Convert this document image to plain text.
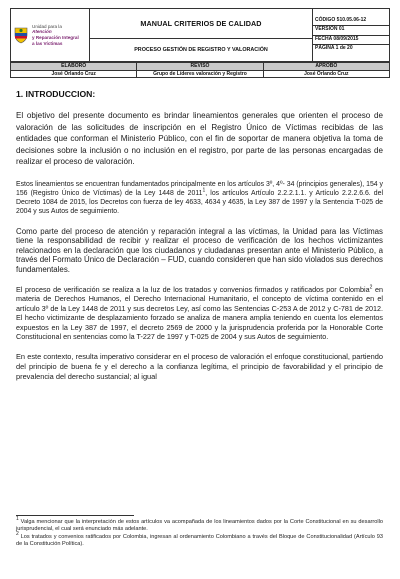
Unidad para la
Atención
y Reparación Integral
a las Víctimas
	MANUAL CRITERIOS DE CALIDAD	CÓDIGO 510.05.06-12
VERSIÓN 01
FECHA 08/09/2015
PÁGINA 1 de 20

PROCESO GESTIÓN DE REGISTRO Y VALORACIÓN
ELABORÓ	REVISÓ	APROBÓ
José Orlando Cruz	Grupo de Líderes valoración y Registro	José Orlando Cruz
1. INTRODUCCION:

El objetivo del presente documento es brindar lineamientos generales que orienten el proceso de valoración de las solicitudes de inscripción en el Registro Único de Víctimas recibidas de las entidades que conforman el Ministerio Público, con el fin de soportar de manera objetiva la toma de decisiones sobre la inclusión o no inclusión en el registro, por parte de las personas encargadas de realizar el proceso de valoración.

Estos lineamientos se encuentran fundamentados principalmente en los artículos 3º, 4º- 34 (principios generales), 154 y 156 (Registro Único de Víctimas) de la Ley 1448 de 2011$^1$, los artículos Artículo 2.2.2.1.1. y Artículo 2.2.2.6.6. del Decreto 1084 de 2015, los Decretos con fuerza de ley 4633, 4634 y 4635, la Ley 387 de 1997 y la Sentencia T-025 de 2004 y sus Autos de seguimiento.

Como parte del proceso de atención y reparación integral a las víctimas, la Unidad para las Víctimas tiene la responsabilidad de recibir y realizar el proceso de verificación de los hechos victimizantes relacionados en la declaración que los ciudadanos y ciudadanas presentan ante el Ministerio Público, a través del Formato Único de Declaración – FUD, cuando consideren que han sido violados sus derechos fundamentales.

El proceso de verificación se realiza a la luz de los tratados y convenios firmados y ratificados por Colombia$^2$ en materia de Derechos Humanos, el Derecho Internacional Humanitario, el concepto de víctima contenido en el artículo 3º de la Ley 1448 de 2011 y sus decretos Ley, así como las Sentencias C-253 A de 2012 y C-781 de 2012. El hecho victimizante de desplazamiento forzado se analiza de manera amplia teniendo en cuenta los elementos expuestos en la Ley 387 de 1997, el decreto 2569 de 2000 y la jurisprudencia proferida por la Honorable Corte Constitucional en sentencias como la T-227 de 1997 y T-025 de 2004 y sus Autos de seguimiento.

En este contexto, resulta imperativo considerar en el proceso de valoración el enfoque constitucional, partiendo del principio de buena fe y el derecho a la confianza legítima, el principio de favorabilidad y el principio de prevalencia del derecho sustancial; al igual

$^1$ Valga mencionar que la interpretación de estos artículos va acompañada de los lineamientos dados por la Corte Constitucional en su desarrollo jurisprudencial, el cual será enunciado más adelante.
$^2$ Los tratados y convenios ratificados por Colombia, ingresan al ordenamiento Colombiano a través del Bloque de Constitucionalidad (Artículo 93 de la Constitución Política).
